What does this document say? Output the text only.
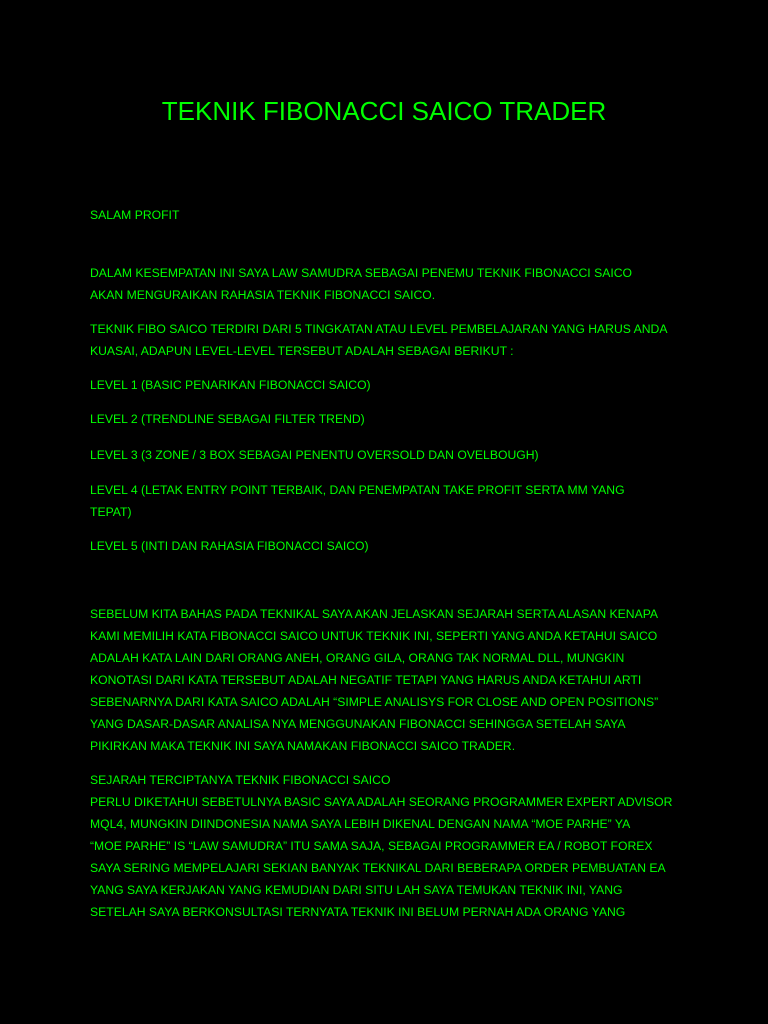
TEKNIK FIBONACCI SAICO TRADER

SALAM PROFIT

DALAM KESEMPATAN INI SAYA LAW SAMUDRA SEBAGAI PENEMU TEKNIK FIBONACCI SAICO
AKAN MENGURAIKAN RAHASIA TEKNIK FIBONACCI SAICO.

TEKNIK FIBO SAICO TERDIRI DARI 5 TINGKATAN ATAU LEVEL PEMBELAJARAN YANG HARUS ANDA
KUASAI, ADAPUN LEVEL-LEVEL TERSEBUT ADALAH SEBAGAI BERIKUT :

LEVEL 1 (BASIC PENARIKAN FIBONACCI SAICO)

LEVEL 2 (TRENDLINE SEBAGAI FILTER TREND)

LEVEL 3 (3 ZONE / 3 BOX SEBAGAI PENENTU OVERSOLD DAN OVELBOUGH)

LEVEL 4 (LETAK ENTRY POINT TERBAIK, DAN PENEMPATAN TAKE PROFIT SERTA MM YANG
TEPAT)

LEVEL 5 (INTI DAN RAHASIA FIBONACCI SAICO)

SEBELUM KITA BAHAS PADA TEKNIKAL SAYA AKAN JELASKAN SEJARAH SERTA ALASAN KENAPA
KAMI MEMILIH KATA FIBONACCI SAICO UNTUK TEKNIK INI, SEPERTI YANG ANDA KETAHUI SAICO
ADALAH KATA LAIN DARI ORANG ANEH, ORANG GILA, ORANG TAK NORMAL DLL, MUNGKIN
KONOTASI DARI KATA TERSEBUT ADALAH NEGATIF TETAPI YANG HARUS ANDA KETAHUI ARTI
SEBENARNYA DARI KATA SAICO ADALAH “SIMPLE ANALISYS FOR CLOSE AND OPEN POSITIONS”
YANG DASAR-DASAR ANALISA NYA MENGGUNAKAN FIBONACCI SEHINGGA SETELAH SAYA
PIKIRKAN MAKA TEKNIK INI SAYA NAMAKAN FIBONACCI SAICO TRADER.

SEJARAH TERCIPTANYA TEKNIK FIBONACCI SAICO

PERLU DIKETAHUI SEBETULNYA BASIC SAYA ADALAH SEORANG PROGRAMMER EXPERT ADVISOR
MQL4, MUNGKIN DIINDONESIA NAMA SAYA LEBIH DIKENAL DENGAN NAMA “MOE PARHE” YA
“MOE PARHE” IS “LAW SAMUDRA” ITU SAMA SAJA, SEBAGAI PROGRAMMER EA / ROBOT FOREX
SAYA SERING MEMPELAJARI SEKIAN BANYAK TEKNIKAL DARI BEBERAPA ORDER PEMBUATAN EA
YANG SAYA KERJAKAN YANG KEMUDIAN DARI SITU LAH SAYA TEMUKAN TEKNIK INI, YANG
SETELAH SAYA BERKONSULTASI TERNYATA TEKNIK INI BELUM PERNAH ADA ORANG YANG
